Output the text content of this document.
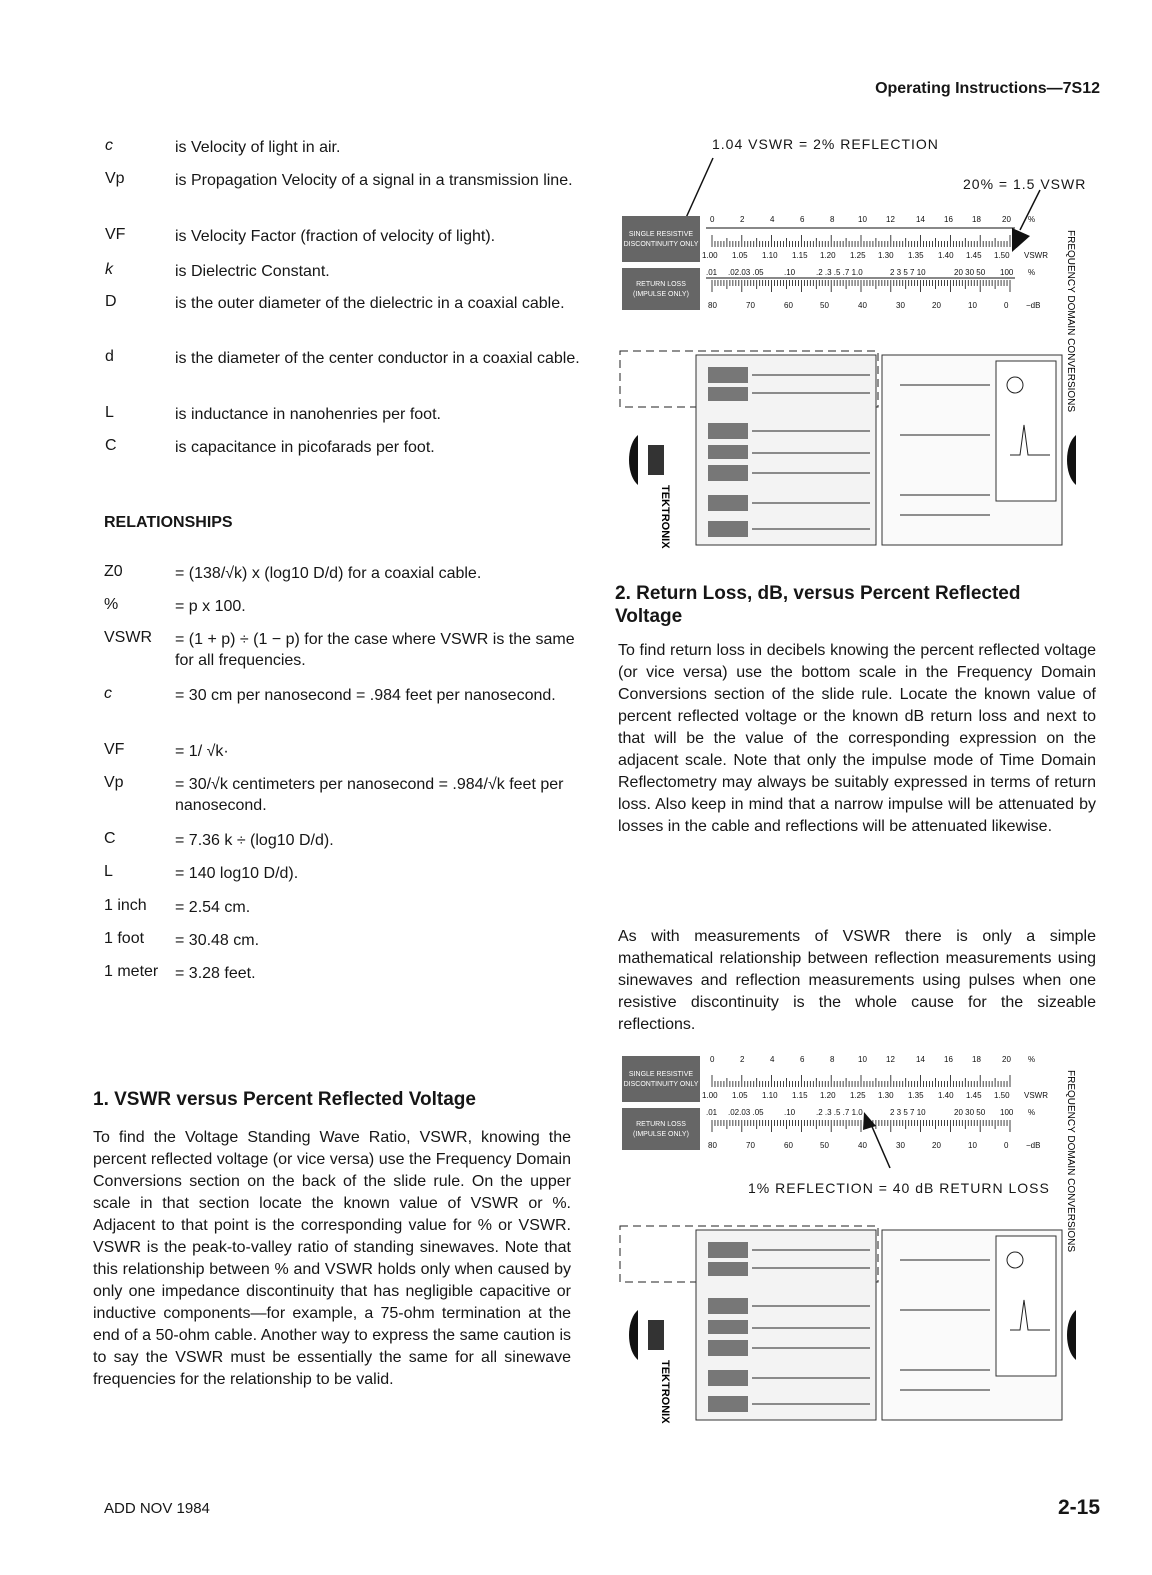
Operating Instructions—7S12
c	is Velocity of light in air.
Vp	is Propagation Velocity of a signal in a transmission line.
VF	is Velocity Factor (fraction of velocity of light).
k	is Dielectric Constant.
D	is the outer diameter of the dielectric in a coaxial cable.
d	is the diameter of the center conductor in a coaxial cable.
L	is inductance in nanohenries per foot.
C	is capacitance in picofarads per foot.
RELATIONSHIPS
Z0	= (138/√k) x (log10 D/d) for a coaxial cable.
%	= p x 100.
VSWR = (1 + p) ÷ (1 − p) for the case where VSWR is the same for all frequencies.
c	= 30 cm per nanosecond = .984 feet per nanosecond.
VF	= 1/ √k·
Vp	= 30/√k centimeters per nanosecond = .984/√k feet per nanosecond.
C	= 7.36 k ÷ (log10 D/d).
L	= 140 log10 D/d).
1 inch = 2.54 cm.
1 foot = 30.48 cm.
1 meter = 3.28 feet.
1. VSWR versus Percent Reflected Voltage
To find the Voltage Standing Wave Ratio, VSWR, knowing the percent reflected voltage (or vice versa) use the Frequency Domain Conversions section on the back of the slide rule. On the upper scale in that section locate the known value of VSWR or %. Adjacent to that point is the corresponding value for % or VSWR. VSWR is the peak-to-valley ratio of standing sinewaves. Note that this relationship between % and VSWR holds only when caused by only one impedance discontinuity that has negligible capacitive or inductive components—for example, a 75-ohm termination at the end of a 50-ohm cable. Another way to express the same caution is to say the VSWR must be essentially the same for all sinewave frequencies for the relationship to be valid.
2. Return Loss, dB, versus Percent Reflected Voltage
To find return loss in decibels knowing the percent reflected voltage (or vice versa) use the bottom scale in the Frequency Domain Conversions section of the slide rule. Locate the known value of percent reflected voltage or the known dB return loss and next to that will be the value of the corresponding expression on the adjacent scale. Note that only the impulse mode of Time Domain Reflectometry may always be suitably expressed in terms of return loss. Also keep in mind that a narrow impulse will be attenuated by losses in the cable and reflections will be attenuated likewise.
As with measurements of VSWR there is only a simple mathematical relationship between reflection measurements using sinewaves and reflection measurements using pulses when one resistive discontinuity is the whole cause for the sizeable reflections.
1.04 VSWR = 2% REFLECTION
20% = 1.5 VSWR
SINGLE RESISTIVE
DISCONTINUITY ONLY
RETURN LOSS
(IMPULSE ONLY)
0	2	4	6	8	10 12	14 16 18	20 %
1.00 1.05 1.10 1.15 1.20 1.25 1.30 1.35 1.40 1.45 1.50 VSWR
.01 .02.03 .05	.10	.2 .3 .5 .7 1.0	2 3 5 7 10	20 30 50 100 %
80	70	60	50	40	30	20	10	0 −dB FREQUENCY DOMAIN CONVERSIONS
TEKTRONIX
SINGLE RESISTIVE
DISCONTINUITY ONLY
RETURN LOSS
(IMPULSE ONLY)
0	2	4	6	8	10 12	14 16 18	20 %
1.00 1.05 1.10 1.15 1.20 1.25 1.30 1.35 1.40 1.45 1.50 VSWR
.01 .02.03 .05	.10	.2 .3 .5 .7 1.0	2 3 5 7 10	20 30 50 100 %
80	70	60	50	40	30	20	10	0 −dB FREQUENCY DOMAIN CONVERSIONS
1% REFLECTION = 40 dB RETURN LOSS
TEKTRONIX
ADD NOV 1984	2-15
